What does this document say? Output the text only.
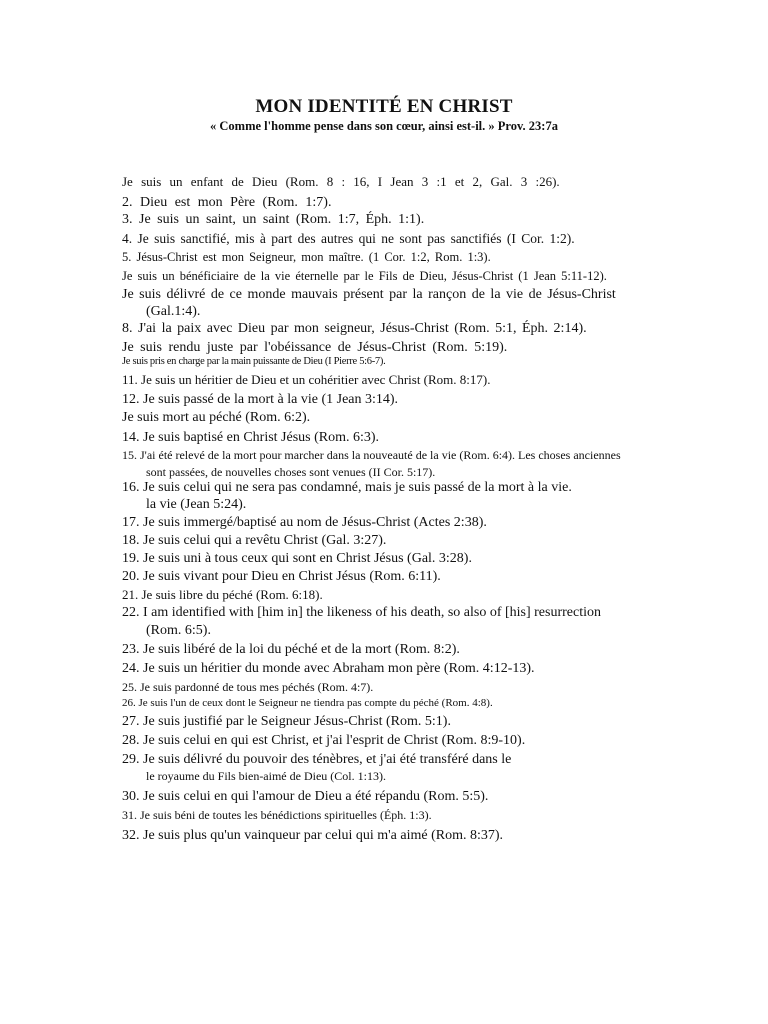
MON IDENTITÉ EN CHRIST
« Comme l'homme pense dans son cœur, ainsi est-il. » Prov. 23:7a
Je suis un enfant de Dieu (Rom. 8 : 16, I Jean 3 :1 et 2, Gal. 3 :26).
2. Dieu est mon Père (Rom. 1:7).
3. Je suis un saint, un saint (Rom. 1:7, Éph. 1:1).
4. Je suis sanctifié, mis à part des autres qui ne sont pas sanctifiés (I Cor. 1:2).
5. Jésus-Christ est mon Seigneur, mon maître. (1 Cor. 1:2, Rom. 1:3).
Je suis un bénéficiaire de la vie éternelle par le Fils de Dieu, Jésus-Christ (1 Jean 5:11-12).
Je suis délivré de ce monde mauvais présent par la rançon de la vie de Jésus-Christ
(Gal.1:4).
8. J'ai la paix avec Dieu par mon seigneur, Jésus-Christ (Rom. 5:1, Éph. 2:14).
Je suis rendu juste par l'obéissance de Jésus-Christ (Rom. 5:19).
Je suis pris en charge par la main puissante de Dieu (I Pierre 5:6-7).
11. Je suis un héritier de Dieu et un cohéritier avec Christ (Rom. 8:17).
12. Je suis passé de la mort à la vie (1 Jean 3:14).
Je suis mort au péché (Rom. 6:2).
14. Je suis baptisé en Christ Jésus (Rom. 6:3).
15. J'ai été relevé de la mort pour marcher dans la nouveauté de la vie (Rom. 6:4). Les choses anciennes
sont passées, de nouvelles choses sont venues (II Cor. 5:17).
16. Je suis celui qui ne sera pas condamné, mais je suis passé de la mort à la vie.
la vie (Jean 5:24).
17. Je suis immergé/baptisé au nom de Jésus-Christ (Actes 2:38).
18. Je suis celui qui a revêtu Christ (Gal. 3:27).
19. Je suis uni à tous ceux qui sont en Christ Jésus (Gal. 3:28).
20. Je suis vivant pour Dieu en Christ Jésus (Rom. 6:11).
21. Je suis libre du péché (Rom. 6:18).
22. I am identified with [him in] the likeness of his death, so also of [his] resurrection
(Rom. 6:5).
23. Je suis libéré de la loi du péché et de la mort (Rom. 8:2).
24. Je suis un héritier du monde avec Abraham mon père (Rom. 4:12-13).
25. Je suis pardonné de tous mes péchés (Rom. 4:7).
26. Je suis l'un de ceux dont le Seigneur ne tiendra pas compte du péché (Rom. 4:8).
27. Je suis justifié par le Seigneur Jésus-Christ (Rom. 5:1).
28. Je suis celui en qui est Christ, et j'ai l'esprit de Christ (Rom. 8:9-10).
29. Je suis délivré du pouvoir des ténèbres, et j'ai été transféré dans le
le royaume du Fils bien-aimé de Dieu (Col. 1:13).
30. Je suis celui en qui l'amour de Dieu a été répandu (Rom. 5:5).
31. Je suis béni de toutes les bénédictions spirituelles (Éph. 1:3).
32. Je suis plus qu'un vainqueur par celui qui m'a aimé (Rom. 8:37).
